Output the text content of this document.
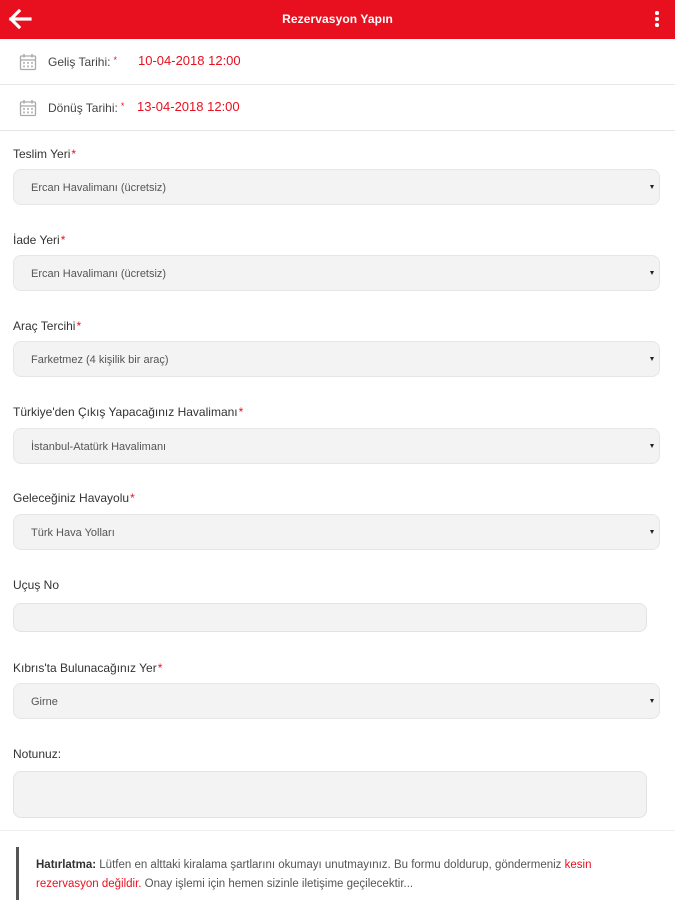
Rezervasyon Yapın
Geliş Tarihi: * 10-04-2018 12:00
Dönüş Tarihi: * 13-04-2018 12:00
Teslim Yeri*
Ercan Havalimanı (ücretsiz)
İade Yeri*
Ercan Havalimanı (ücretsiz)
Araç Tercihi*
Farketmez (4 kişilik bir araç)
Türkiye'den Çıkış Yapacağınız Havalimanı*
İstanbul-Atatürk Havalimanı
Geleceğiniz Havayolu*
Türk Hava Yolları
Uçuş No
Kıbrıs'ta Bulunacağınız Yer*
Girne
Notunuz:
Hatırlatma: Lütfen en alttaki kiralama şartlarını okumayı unutmayınız. Bu formu doldurup, göndermeniz kesin rezervasyon değildir. Onay işlemi için hemen sizinle iletişime geçilecektir...
